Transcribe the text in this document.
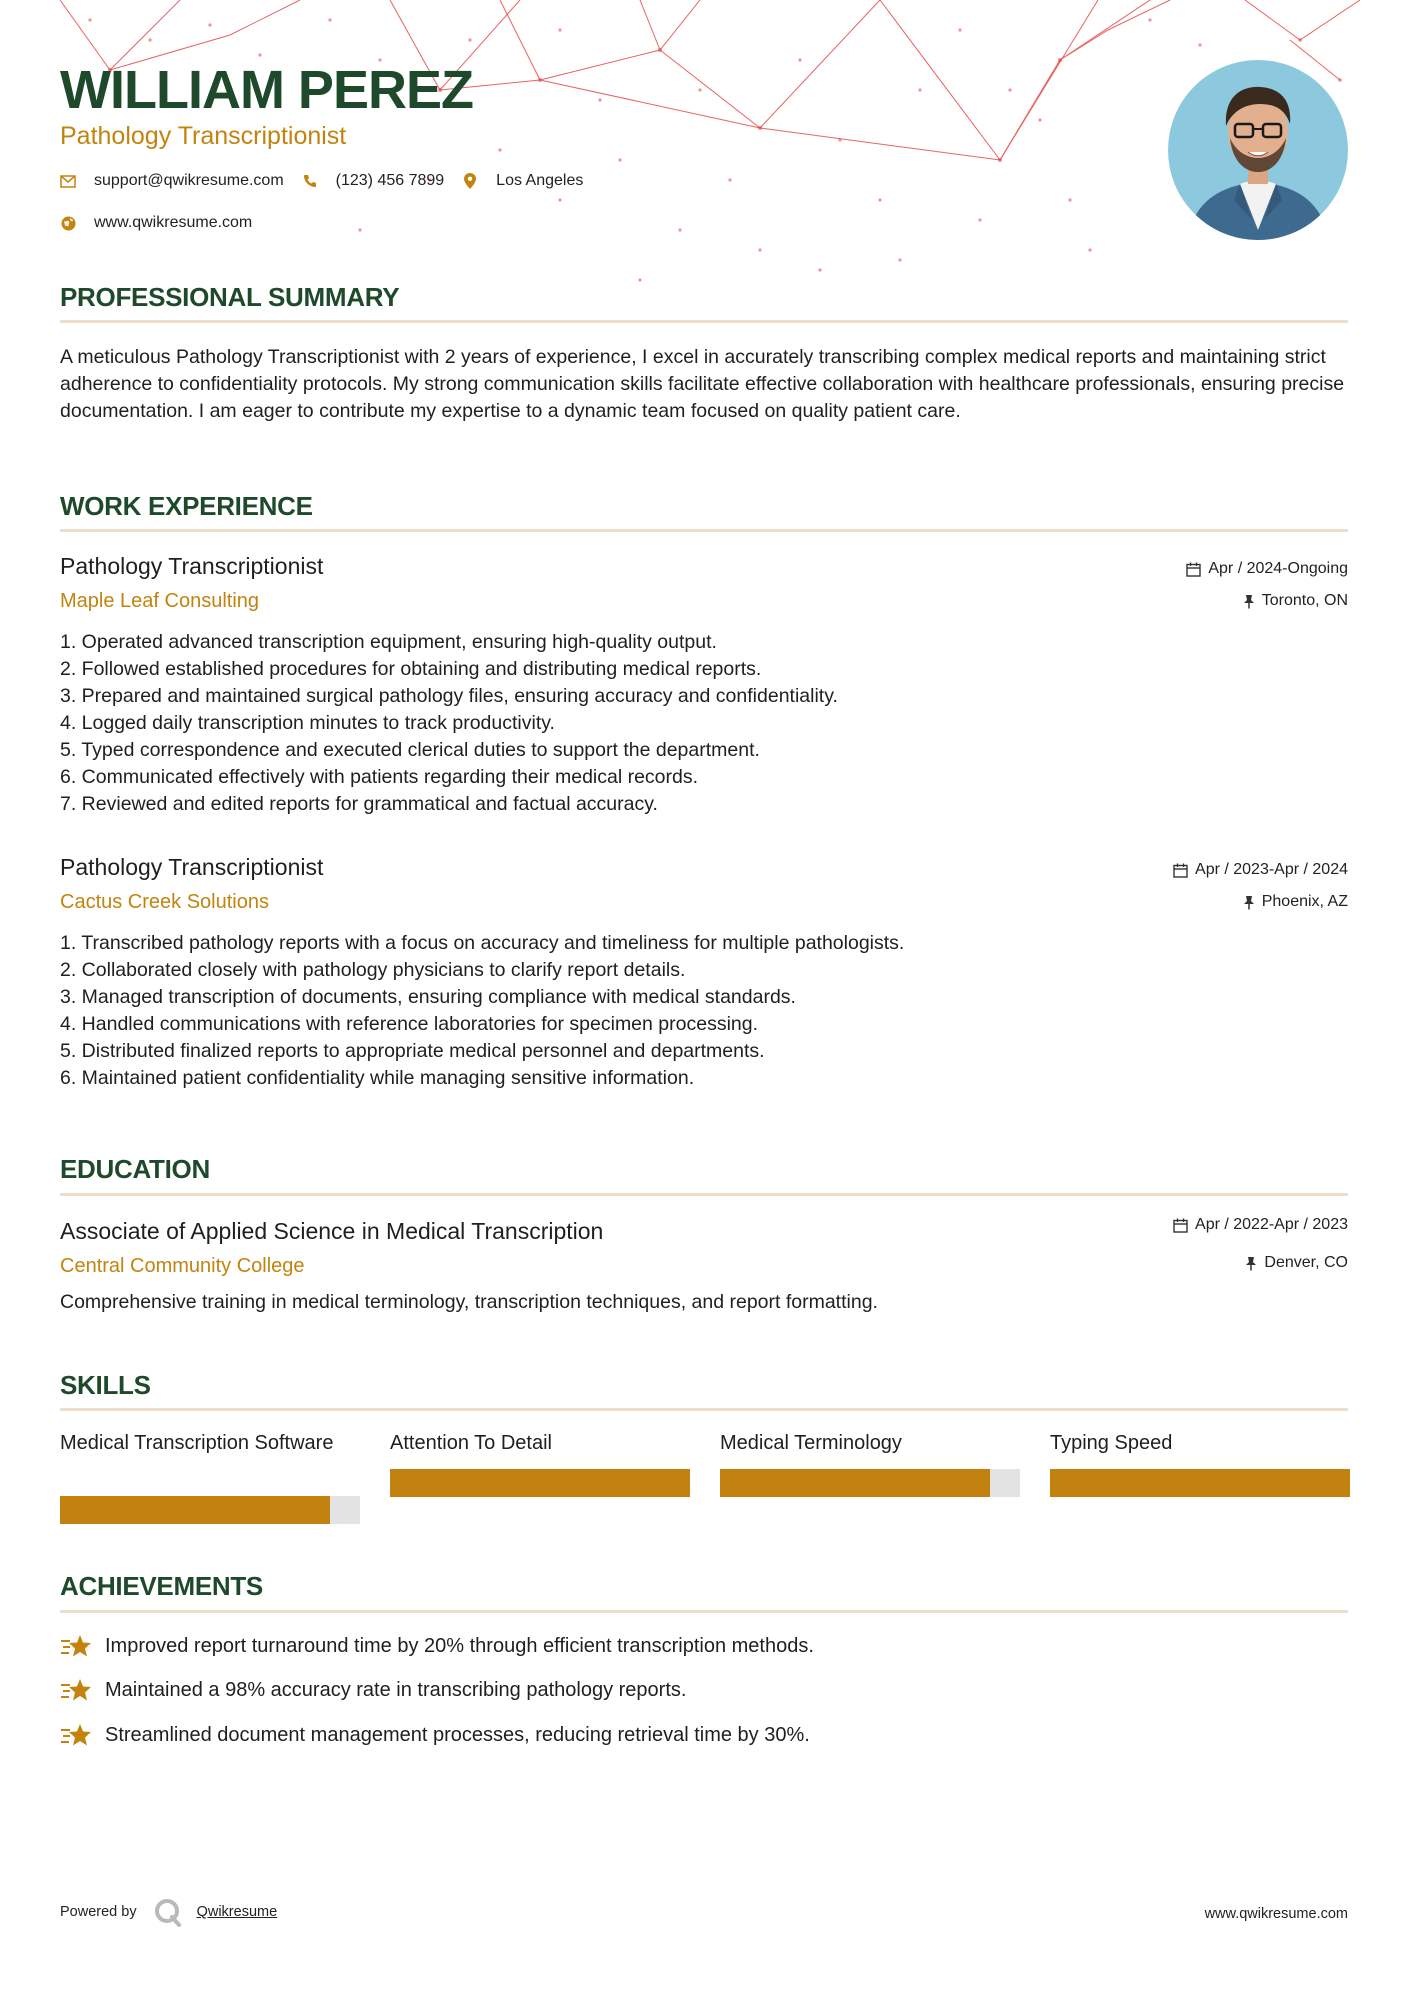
WILLIAM PEREZ
Pathology Transcriptionist
support@qwikresume.com	(123) 456 7899	Los Angeles
www.qwikresume.com
PROFESSIONAL SUMMARY
A meticulous Pathology Transcriptionist with 2 years of experience, I excel in accurately transcribing complex medical reports and maintaining strict adherence to confidentiality protocols. My strong communication skills facilitate effective collaboration with healthcare professionals, ensuring precise documentation. I am eager to contribute my expertise to a dynamic team focused on quality patient care.
WORK EXPERIENCE
Pathology Transcriptionist
Maple Leaf Consulting
Apr / 2024-Ongoing
Toronto, ON
1. Operated advanced transcription equipment, ensuring high-quality output.
2. Followed established procedures for obtaining and distributing medical reports.
3. Prepared and maintained surgical pathology files, ensuring accuracy and confidentiality.
4. Logged daily transcription minutes to track productivity.
5. Typed correspondence and executed clerical duties to support the department.
6. Communicated effectively with patients regarding their medical records.
7. Reviewed and edited reports for grammatical and factual accuracy.
Pathology Transcriptionist
Cactus Creek Solutions
Apr / 2023-Apr / 2024
Phoenix, AZ
1. Transcribed pathology reports with a focus on accuracy and timeliness for multiple pathologists.
2. Collaborated closely with pathology physicians to clarify report details.
3. Managed transcription of documents, ensuring compliance with medical standards.
4. Handled communications with reference laboratories for specimen processing.
5. Distributed finalized reports to appropriate medical personnel and departments.
6. Maintained patient confidentiality while managing sensitive information.
EDUCATION
Associate of Applied Science in Medical Transcription
Central Community College
Apr / 2022-Apr / 2023
Denver, CO
Comprehensive training in medical terminology, transcription techniques, and report formatting.
SKILLS
Medical Transcription Software	Attention To Detail	Medical Terminology	Typing Speed
ACHIEVEMENTS
Improved report turnaround time by 20% through efficient transcription methods.
Maintained a 98% accuracy rate in transcribing pathology reports.
Streamlined document management processes, reducing retrieval time by 30%.
Powered by	Qwikresume	www.qwikresume.com
